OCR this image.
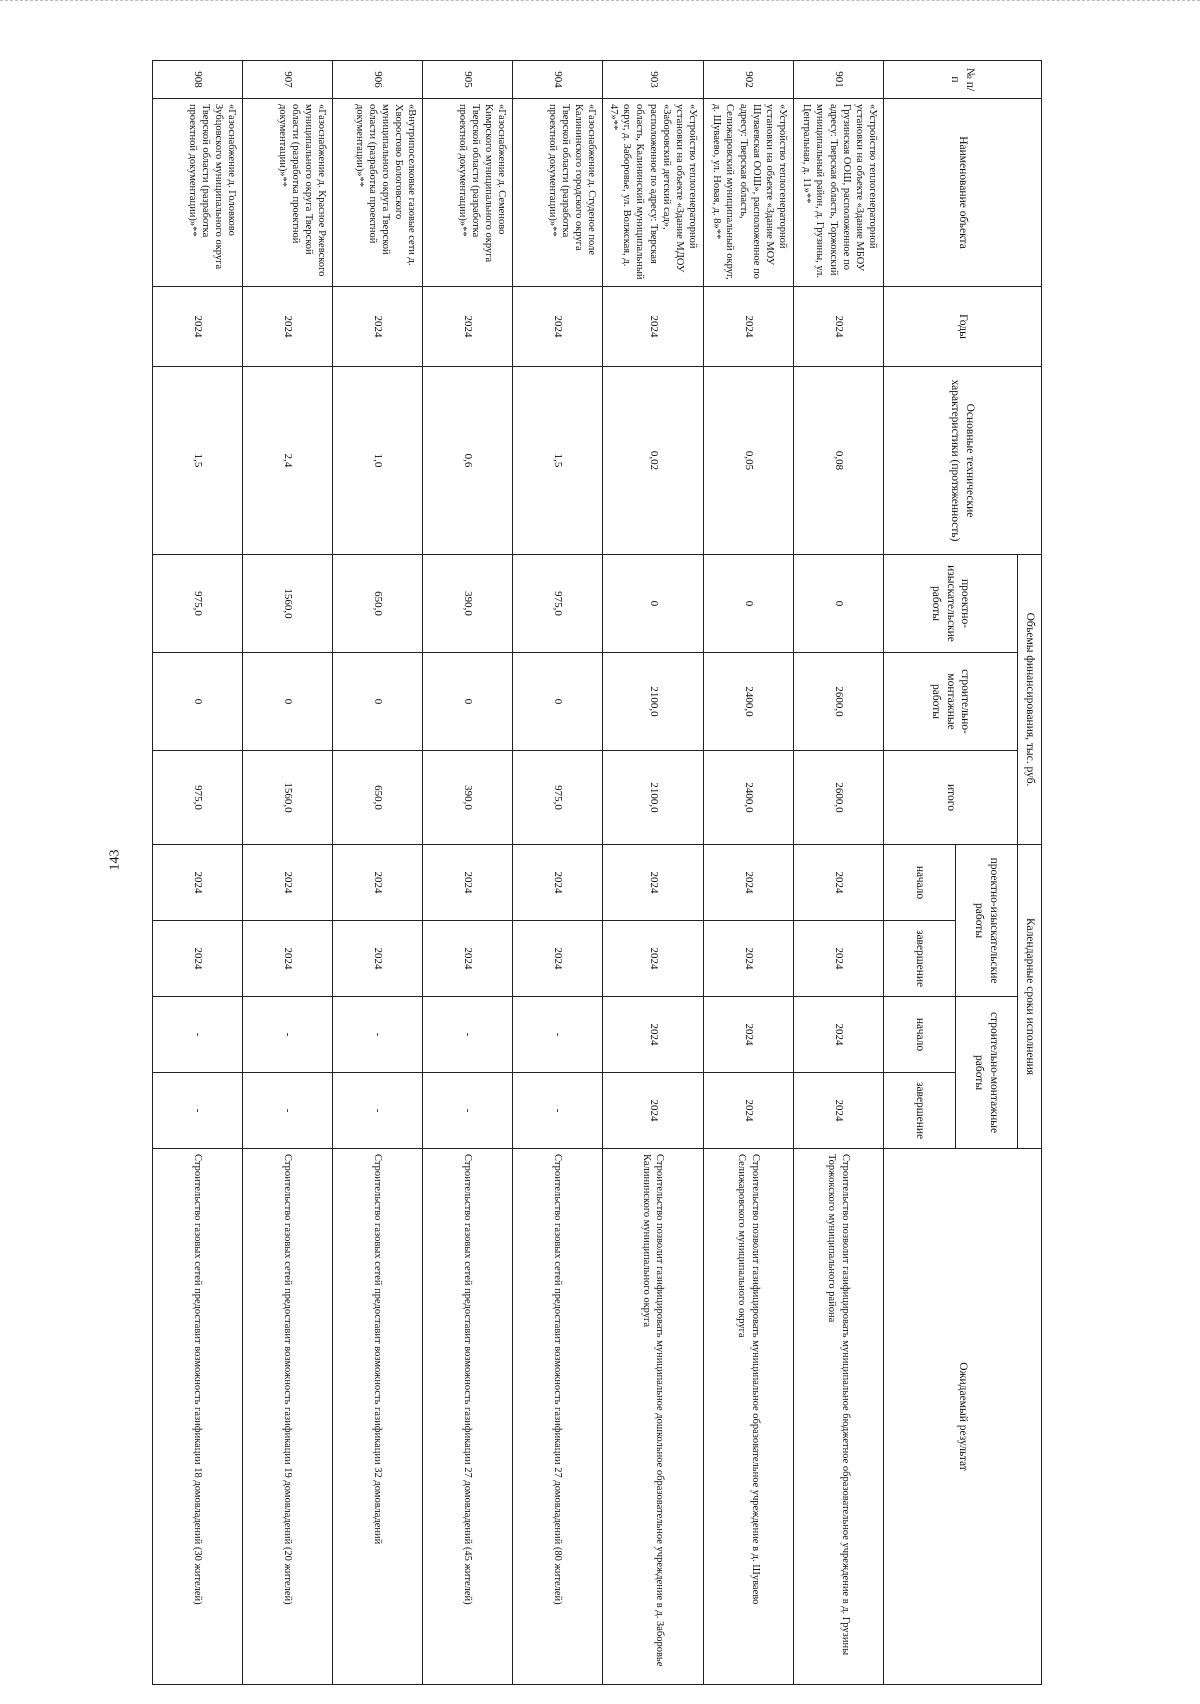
143
№ п/п	Наименование объекта	Годы	Основные технические характеристики (протяженность)	Объемы финансирования, тыс. руб.			Календарные сроки исполнения				Ожидаемый результат
				проектно-изыскательские работы	строительно-монтажные работы	итого	проектно-изыскательские работы		строительно-монтажные работы		
							начало	завершение	начало	завершение	
901	«Устройство теплогенераторной установки на объекте «Здание МБОУ Грузинская ООШ, расположенное по адресу: Тверская область, Торжокский муниципальный район, д. Грузины, ул. Центральная, д. 11»**	2024	0,08	0	2600,0	2600,0	2024	2024	2024	2024	Строительство позволит газифицировать муниципальное бюджетное образовательное учреждение в д. Грузины Торжокского муниципального района
902	«Устройство теплогенераторной установки на объекте «Здание МОУ Шуваевская ООШ», расположенное по адресу: Тверская область, Селижаровский муниципальный округ, д. Шуваево, ул. Новая, д. 8»**	2024	0,05	0	2400,0	2400,0	2024	2024	2024	2024	Строительство позволит газифицировать муниципальное образовательное учреждение в д. Шуваево Селижаровского муниципального округа
903	«Устройство теплогенераторной установки на объекте «Здание МДОУ «Заборовский детский сад», расположенное по адресу: Тверская область, Калининский муниципальный округ, д. Заборовье, ул. Волжская, д. 47»**	2024	0,02	0	2100,0	2100,0	2024	2024	2024	2024	Строительство позволит газифицировать муниципальное дошкольное образовательное учреждение в д. Заборовье Калининского муниципального округа
904	«Газоснабжение д. Студеное поле Калининского городского округа Тверской области (разработка проектной документации)»**	2024	1,5	975,0	0	975,0	2024	2024	-	-	Строительство газовых сетей предоставит возможность газификации 27 домовладений (80 жителей)
905	«Газоснабжение д. Семеново Кимрского муниципального округа Тверской области (разработка проектной документации)»**	2024	0,6	390,0	0	390,0	2024	2024	-	-	Строительство газовых сетей предоставит возможность газификации 27 домовладений (45 жителей)
906	«Внутрипоселковые газовые сети д. Хворостово Бологовского муниципального округа Тверской области (разработка проектной документации)»**	2024	1,0	650,0	0	650,0	2024	2024	-	-	Строительство газовых сетей предоставит возможность газификации 32 домовладений
907	«Газоснабжение д. Красное Ржевского муниципального округа Тверской области (разработка проектной документации)»**	2024	2,4	1560,0	0	1560,0	2024	2024	-	-	Строительство газовых сетей предоставит возможность газификации 19 домовладений (20 жителей)
908	«Газоснабжение д. Головково Зубцовского муниципального округа Тверской области (разработка проектной документации)»**	2024	1,5	975,0	0	975,0	2024	2024	-	-	Строительство газовых сетей предоставит возможность газификации 18 домовладений (30 жителей)
